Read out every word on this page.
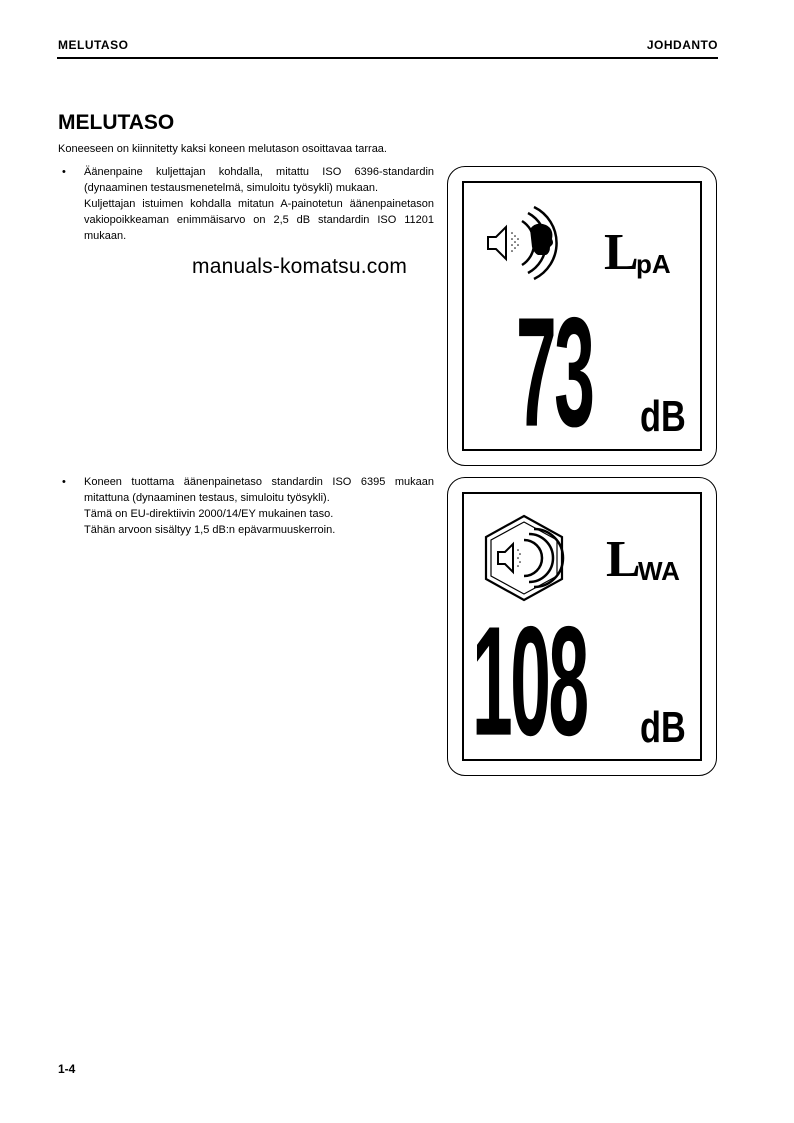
MELUTASO	JOHDANTO
MELUTASO

Koneeseen on kiinnitetty kaksi koneen melutason osoittavaa tarraa.

• Äänenpaine kuljettajan kohdalla, mitattu ISO 6396-standardin (dynaaminen testausmenetelmä, simuloitu työsykli) mukaan.

Kuljettajan istuimen kohdalla mitatun A-painotetun äänenpainetason vakiopoikkeaman enimmäisarvo on 2,5 dB standardin ISO 11201 mukaan.

• Koneen tuottama äänenpainetaso standardin ISO 6395 mukaan mitattuna (dynaaminen testaus, simuloitu työsykli).

Tämä on EU-direktiivin 2000/14/EY mukainen taso.

Tähän arvoon sisältyy 1,5 dB:n epävarmuuskerroin.

manuals-komatsu.com	L
pA
73 dB
L
WA
108 dB
1-4
